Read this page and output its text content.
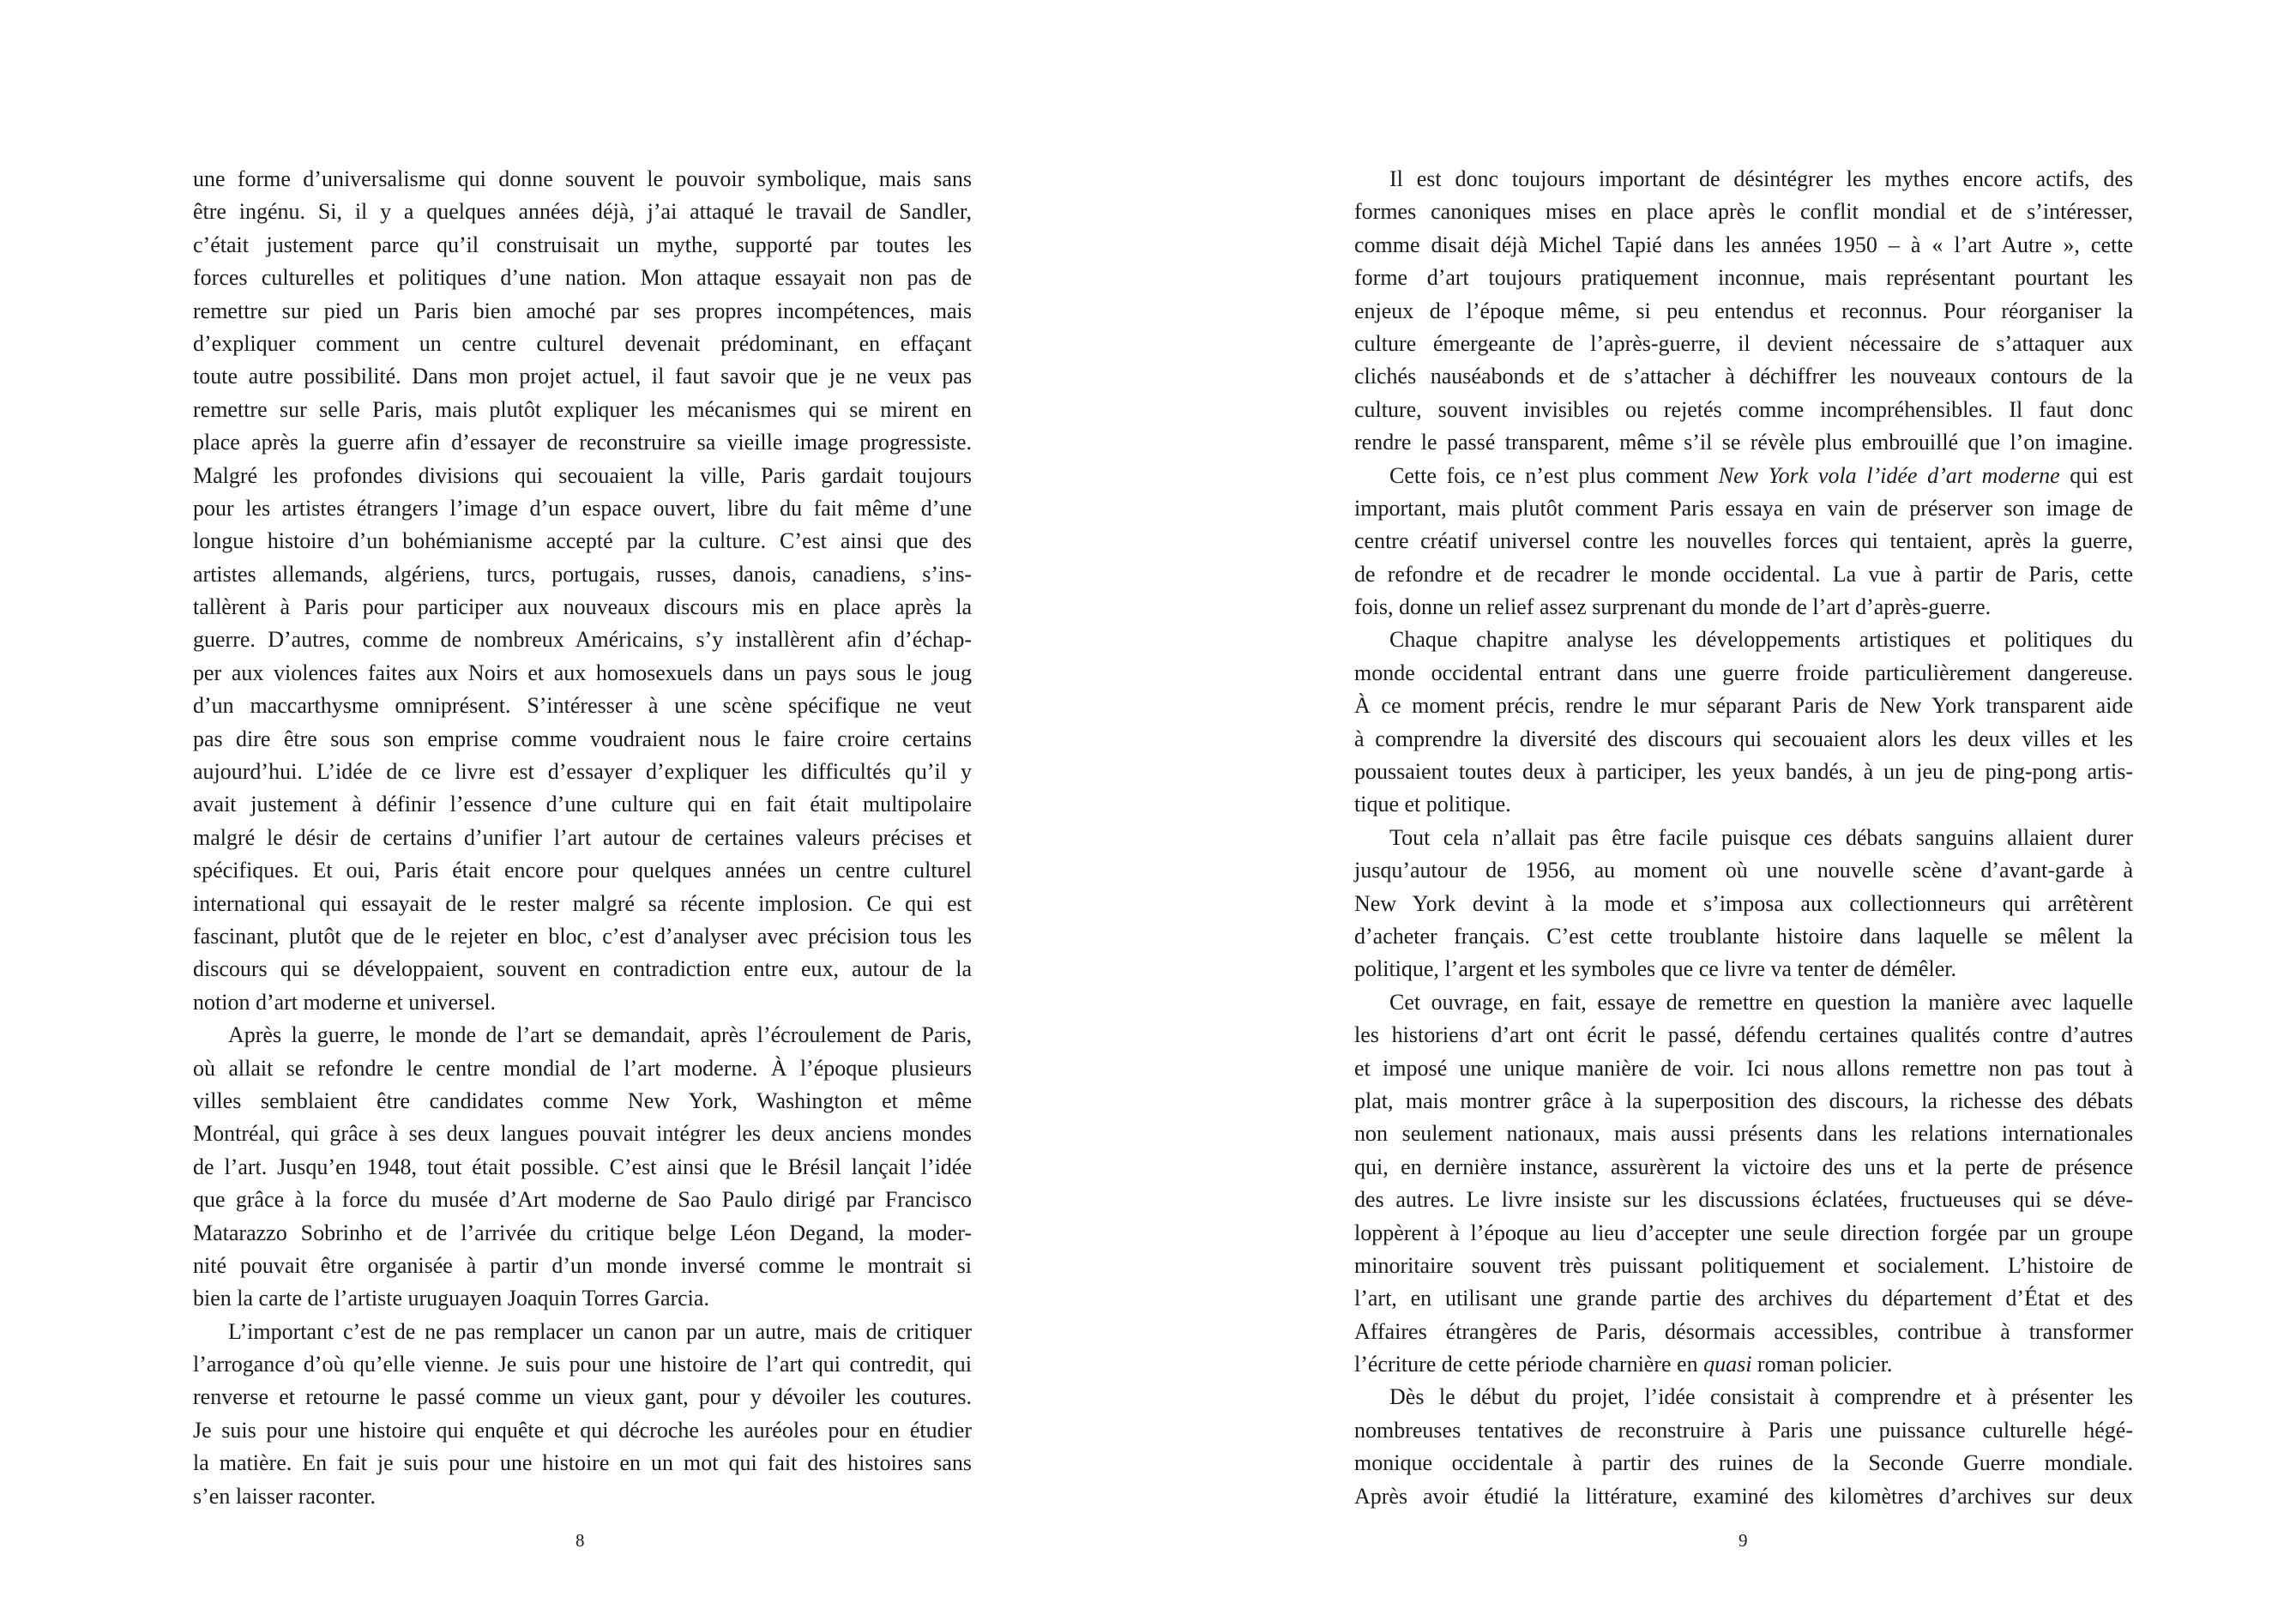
une forme d’universalisme qui donne souvent le pouvoir symbolique, mais sans
être ingénu. Si, il y a quelques années déjà, j’ai attaqué le travail de Sandler,
c’était justement parce qu’il construisait un mythe, supporté par toutes les
forces culturelles et politiques d’une nation. Mon attaque essayait non pas de
remettre sur pied un Paris bien amoché par ses propres incompétences, mais
d’expliquer comment un centre culturel devenait prédominant, en effaçant
toute autre possibilité. Dans mon projet actuel, il faut savoir que je ne veux pas
remettre sur selle Paris, mais plutôt expliquer les mécanismes qui se mirent en
place après la guerre afin d’essayer de reconstruire sa vieille image progressiste.
Malgré les profondes divisions qui secouaient la ville, Paris gardait toujours
pour les artistes étrangers l’image d’un espace ouvert, libre du fait même d’une
longue histoire d’un bohémianisme accepté par la culture. C’est ainsi que des
artistes allemands, algériens, turcs, portugais, russes, danois, canadiens, s’ins-
tallèrent à Paris pour participer aux nouveaux discours mis en place après la
guerre. D’autres, comme de nombreux Américains, s’y installèrent afin d’échap-
per aux violences faites aux Noirs et aux homosexuels dans un pays sous le joug
d’un maccarthysme omniprésent. S’intéresser à une scène spécifique ne veut
pas dire être sous son emprise comme voudraient nous le faire croire certains
aujourd’hui. L’idée de ce livre est d’essayer d’expliquer les difficultés qu’il y
avait justement à définir l’essence d’une culture qui en fait était multipolaire
malgré le désir de certains d’unifier l’art autour de certaines valeurs précises et
spécifiques. Et oui, Paris était encore pour quelques années un centre culturel
international qui essayait de le rester malgré sa récente implosion. Ce qui est
fascinant, plutôt que de le rejeter en bloc, c’est d’analyser avec précision tous les
discours qui se développaient, souvent en contradiction entre eux, autour de la
notion d’art moderne et universel.
Après la guerre, le monde de l’art se demandait, après l’écroulement de Paris,
où allait se refondre le centre mondial de l’art moderne. À l’époque plusieurs
villes semblaient être candidates comme New York, Washington et même
Montréal, qui grâce à ses deux langues pouvait intégrer les deux anciens mondes
de l’art. Jusqu’en 1948, tout était possible. C’est ainsi que le Brésil lançait l’idée
que grâce à la force du musée d’Art moderne de Sao Paulo dirigé par Francisco
Matarazzo Sobrinho et de l’arrivée du critique belge Léon Degand, la moder-
nité pouvait être organisée à partir d’un monde inversé comme le montrait si
bien la carte de l’artiste uruguayen Joaquin Torres Garcia.
L’important c’est de ne pas remplacer un canon par un autre, mais de critiquer
l’arrogance d’où qu’elle vienne. Je suis pour une histoire de l’art qui contredit, qui
renverse et retourne le passé comme un vieux gant, pour y dévoiler les coutures.
Je suis pour une histoire qui enquête et qui décroche les auréoles pour en étudier
la matière. En fait je suis pour une histoire en un mot qui fait des histoires sans
s’en laisser raconter.
Il est donc toujours important de désintégrer les mythes encore actifs, des
formes canoniques mises en place après le conflit mondial et de s’intéresser,
comme disait déjà Michel Tapié dans les années 1950 – à « l’art Autre », cette
forme d’art toujours pratiquement inconnue, mais représentant pourtant les
enjeux de l’époque même, si peu entendus et reconnus. Pour réorganiser la
culture émergeante de l’après-guerre, il devient nécessaire de s’attaquer aux
clichés nauséabonds et de s’attacher à déchiffrer les nouveaux contours de la
culture, souvent invisibles ou rejetés comme incompréhensibles. Il faut donc
rendre le passé transparent, même s’il se révèle plus embrouillé que l’on imagine.
Cette fois, ce n’est plus comment New York vola l’idée d’art moderne qui est
important, mais plutôt comment Paris essaya en vain de préserver son image de
centre créatif universel contre les nouvelles forces qui tentaient, après la guerre,
de refondre et de recadrer le monde occidental. La vue à partir de Paris, cette
fois, donne un relief assez surprenant du monde de l’art d’après-guerre.
Chaque chapitre analyse les développements artistiques et politiques du
monde occidental entrant dans une guerre froide particulièrement dangereuse.
À ce moment précis, rendre le mur séparant Paris de New York transparent aide
à comprendre la diversité des discours qui secouaient alors les deux villes et les
poussaient toutes deux à participer, les yeux bandés, à un jeu de ping-pong artis-
tique et politique.
Tout cela n’allait pas être facile puisque ces débats sanguins allaient durer
jusqu’autour de 1956, au moment où une nouvelle scène d’avant-garde à
New York devint à la mode et s’imposa aux collectionneurs qui arrêtèrent
d’acheter français. C’est cette troublante histoire dans laquelle se mêlent la
politique, l’argent et les symboles que ce livre va tenter de démêler.
Cet ouvrage, en fait, essaye de remettre en question la manière avec laquelle
les historiens d’art ont écrit le passé, défendu certaines qualités contre d’autres
et imposé une unique manière de voir. Ici nous allons remettre non pas tout à
plat, mais montrer grâce à la superposition des discours, la richesse des débats
non seulement nationaux, mais aussi présents dans les relations internationales
qui, en dernière instance, assurèrent la victoire des uns et la perte de présence
des autres. Le livre insiste sur les discussions éclatées, fructueuses qui se déve-
loppèrent à l’époque au lieu d’accepter une seule direction forgée par un groupe
minoritaire souvent très puissant politiquement et socialement. L’histoire de
l’art, en utilisant une grande partie des archives du département d’État et des
Affaires étrangères de Paris, désormais accessibles, contribue à transformer
l’écriture de cette période charnière en quasi roman policier.
Dès le début du projet, l’idée consistait à comprendre et à présenter les
nombreuses tentatives de reconstruire à Paris une puissance culturelle hégé-
monique occidentale à partir des ruines de la Seconde Guerre mondiale.
Après avoir étudié la littérature, examiné des kilomètres d’archives sur deux
8	9
